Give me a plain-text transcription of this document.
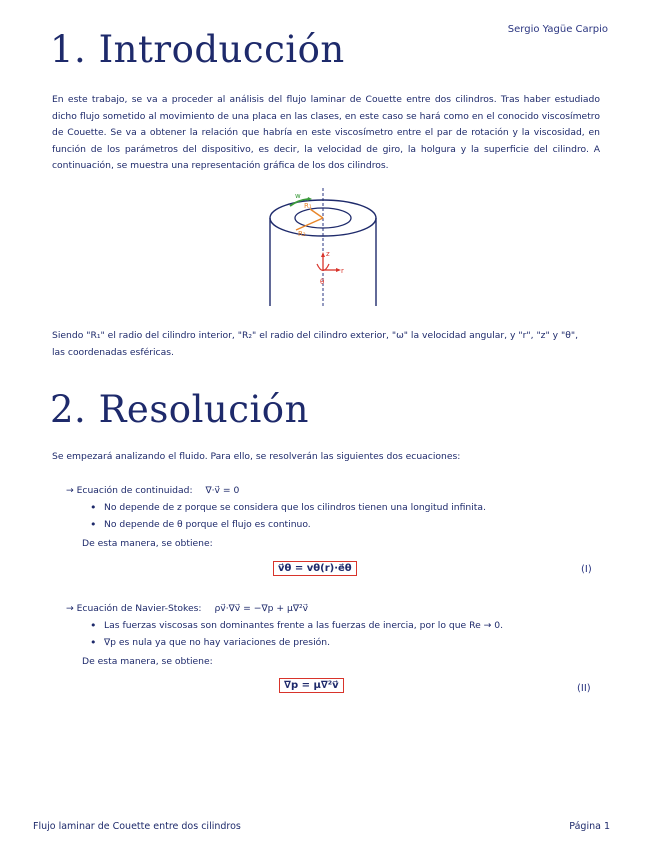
Sergio Yagüe Carpio
1. Introducción

En este trabajo, se va a proceder al análisis del flujo laminar de Couette entre dos cilindros. Tras haber estudiado dicho flujo sometido al movimiento de una placa en las clases, en este caso se hará como en el conocido viscosímetro de Couette. Se va a obtener la relación que habría en este viscosímetro entre el par de rotación y la viscosidad, en función de los parámetros del dispositivo, es decir, la velocidad de giro, la holgura y la superficie del cilindro. A continuación, se muestra una representación gráfica de los dos cilindros.

w
R₁
R₂
z
r
θ
Siendo "R₁" el radio del cilindro interior, "R₂" el radio del cilindro exterior, "ω" la velocidad angular, y "r", "z" y "θ",
las coordenadas esféricas.
2. Resolución
Se empezará analizando el fluido. Para ello, se resolverán las siguientes dos ecuaciones:
→ Ecuación de continuidad: ∇·v⃗ = 0
• No depende de z porque se considera que los cilindros tienen una longitud infinita.
• No depende de θ porque el flujo es continuo.
De esta manera, se obtiene:
v⃗θ = vθ(r)·e⃗θ	(I)
→ Ecuación de Navier-Stokes: ρv⃗·∇v⃗ = −∇p + μ∇²v⃗
• Las fuerzas viscosas son dominantes frente a las fuerzas de inercia, por lo que Re → 0.
• ∇p es nula ya que no hay variaciones de presión.
De esta manera, se obtiene:
∇p = μ∇²v⃗	(II)
Flujo laminar de Couette entre dos cilindros	Página 1
